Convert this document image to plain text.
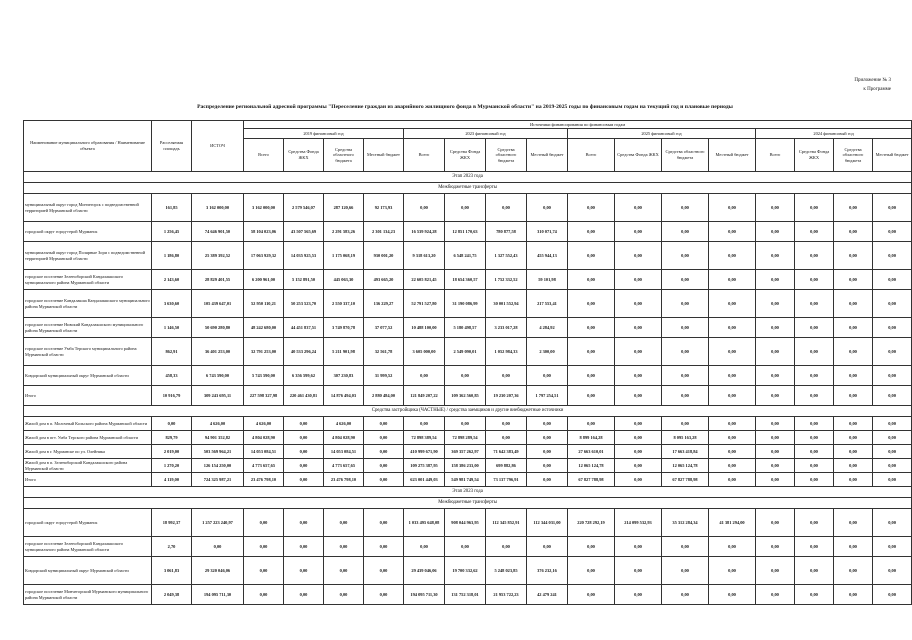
Приложение № 3
к Программе
Распределение региональной адресной программы "Переселение граждан из аварийного жилищного фонда в Мурманской области" на 2019-2025 годы по финансовым годам на текущий год и плановые периоды
Наименование муниципального образования / Наименование объекта	Расселяемая площадь	ИСТОЧ	Источники финансирования по финансовым годам															
			2019 финансовый год				2023 финансовый год				2025 финансовый год				2024 финансовый год			
			Всего	Средства Фонда ЖКХ	Средства областного бюджета	Местный бюджет	Всего	Средства Фонда ЖКХ	Средства областного бюджета	Местный бюджет	Всего	Средства Фонда ЖКХ	Средства областного бюджета	Местный бюджет	Всего	Средства Фонда ЖКХ	Средства областного бюджета	Местный бюджет
Этап 2023 года																		
Межбюджетные трансферты																		
муниципальный округ город Мончегорск с подведомственной территорией Мурманской области	161,85	3 162 000,00	3 162 000,00	2 579 546,07	287 120,66	92 173,93	0,00	0,00	0,00	0,00	0,00	0,00	0,00	0,00	0,00	0,00	0,00	0,00
городской округ город-герой Мурманск	1 256,45	74 646 901,50	58 104 023,06	43 507 565,69	2 291 583,26	2 301 134,23	16 539 924,28	12 851 170,63	780 877,58	310 071,74	0,00	0,00	0,00	0,00	0,00	0,00	0,00	0,00
муниципальный округ город Полярные Зори с подведомственной территорией Мурманской области	1 186,80	25 389 392,52	17 063 929,32	14 035 925,53	1 175 068,19	930 001,20	9 318 613,20	6 548 241,75	1 327 552,43	455 944,13	0,00	0,00	0,00	0,00	0,00	0,00	0,00	0,00
городское поселение Зеленоборский Кандалакшского муниципального района Мурманской области	2 143,60	28 829 401,55	6 200 961,00	5 152 891,50	445 063,30	493 665,20	22 605 821,45	18 654 360,57	1 752 332,52	59 101,98	0,00	0,00	0,00	0,00	0,00	0,00	0,00	0,00
городское поселение Кандалакша Кандалакшского муниципального района Мурманской области	3 630,60	105 439 647,01	52 950 110,21	50 253 523,70	2 550 337,10	136 229,27	52 791 527,80	31 190 086,99	30 001 552,94	217 553,41	0,00	0,00	0,00	0,00	0,00	0,00	0,00	0,00
городское поселение Нивский Кандалакшского муниципального района Мурманской области	1 146,50	50 690 280,80	48 242 680,00	44 451 837,51	3 749 870,78	37 077,52	10 488 100,00	5 180 498,57	3 233 017,28	4 284,92	0,00	0,00	0,00	0,00	0,00	0,00	0,00	0,00
городское поселение Умба Терского муниципального района Мурманской области	862,91	36 401 253,00	32 791 253,00	40 533 296,24	5 211 901,98	32 561,78	3 605 000,00	2 549 090,01	1 052 984,33	2 300,00	0,00	0,00	0,00	0,00	0,00	0,00	0,00	0,00
Ковдорский муниципальный округ Мурманской области	458,33	6 743 590,00	5 743 590,00	6 356 599,62	307 230,83	31 999,52	0,00	0,00	0,00	0,00	0,00	0,00	0,00	0,00	0,00	0,00	0,00	0,00
Итого	10 916,79	309 243 695,11	227 598 327,98	220 461 430,81	14 876 494,03	2 880 484,00	121 849 207,22	109 362 560,85	19 230 207,36	1 797 254,51	0,00	0,00	0,00	0,00	0,00	0,00	0,00	0,00
Средства застройщика (ЧАСТНЫЕ) / средства заемщиков и другие внебюджетные источники																		
Жилой дом в п. Молочный Кольского района Мурманской области	0,00	4 626,00	4 626,00	0,00	4 626,00	0,00	0,00	0,00	0,00	0,00	0,00	0,00	0,00	0,00	0,00	0,00	0,00	0,00
Жилой дом в пгт. Умба Терского района Мурманской области	829,79	94 901 352,82	4 804 028,90	0,00	4 804 028,90	0,00	72 898 389,54	72 898 289,54	0,00	0,00	8 899 164,28	0,00	8 095 163,28	0,00	0,00	0,00	0,00	0,00
Жилой дом в г. Мурманске по ул. Олейника	2 019,00	503 569 964,21	14 053 084,51	0,00	14 053 084,51	0,00	410 999 671,90	369 357 262,97	71 642 383,49	0,00	27 663 610,01	0,00	17 663 418,84	0,00	0,00	0,00	0,00	0,00
Жилой дом в п. Зеленоборский Кандалакшского района Мурманской области	1 270,20	126 154 250,00	4 773 657,65	0,00	4 773 657,65	0,00	109 275 387,95	158 386 233,00	699 882,86	0,00	12 065 124,78	0,00	12 065 124,78	0,00	0,00	0,00	0,00	0,00
Итого	4 119,00	724 325 987,21	23 476 798,10	0,00	23 476 798,10	0,00	623 001 449,03	549 981 749,54	73 137 796,91	0,00	67 827 788,98	0,00	67 827 788,98	0,00	0,00	0,00	0,00	0,00
Этап 2023 года																		
Межбюджетные трансферты																		
городской округ город-герой Мурманск	18 992,37	1 257 223 240,97	0,00	0,00	0,00	0,00	1 033 495 648,08	908 044 963,95	112 345 852,91	112 344 031,00	220 728 292,19	214 099 532,93	35 312 284,34	41 381 294,00	0,00	0,00	0,00	0,00
городское поселение Зеленоборский Кандалакшского муниципального района Мурманской области	2,70	0,00	0,00	0,00	0,00	0,00	0,00	0,00	0,00	0,00	0,00	0,00	0,00	0,00	0,00	0,00	0,00	0,00
Ковдорский муниципальный округ Мурманской области	3 061,83	29 320 046,06	0,00	0,00	0,00	0,00	29 439 046,06	19 700 332,62	5 248 023,85	376 232,16	0,00	0,00	0,00	0,00	0,00	0,00	0,00	0,00
городское поселение Мончегорский Мурманского муниципального района Мурманской области	2 049,38	194 095 711,30	0,00	0,00	0,00	0,00	194 095 711,30	131 752 318,01	21 953 722,23	42 479 241	0,00	0,00	0,00	0,00	0,00	0,00	0,00	0,00
